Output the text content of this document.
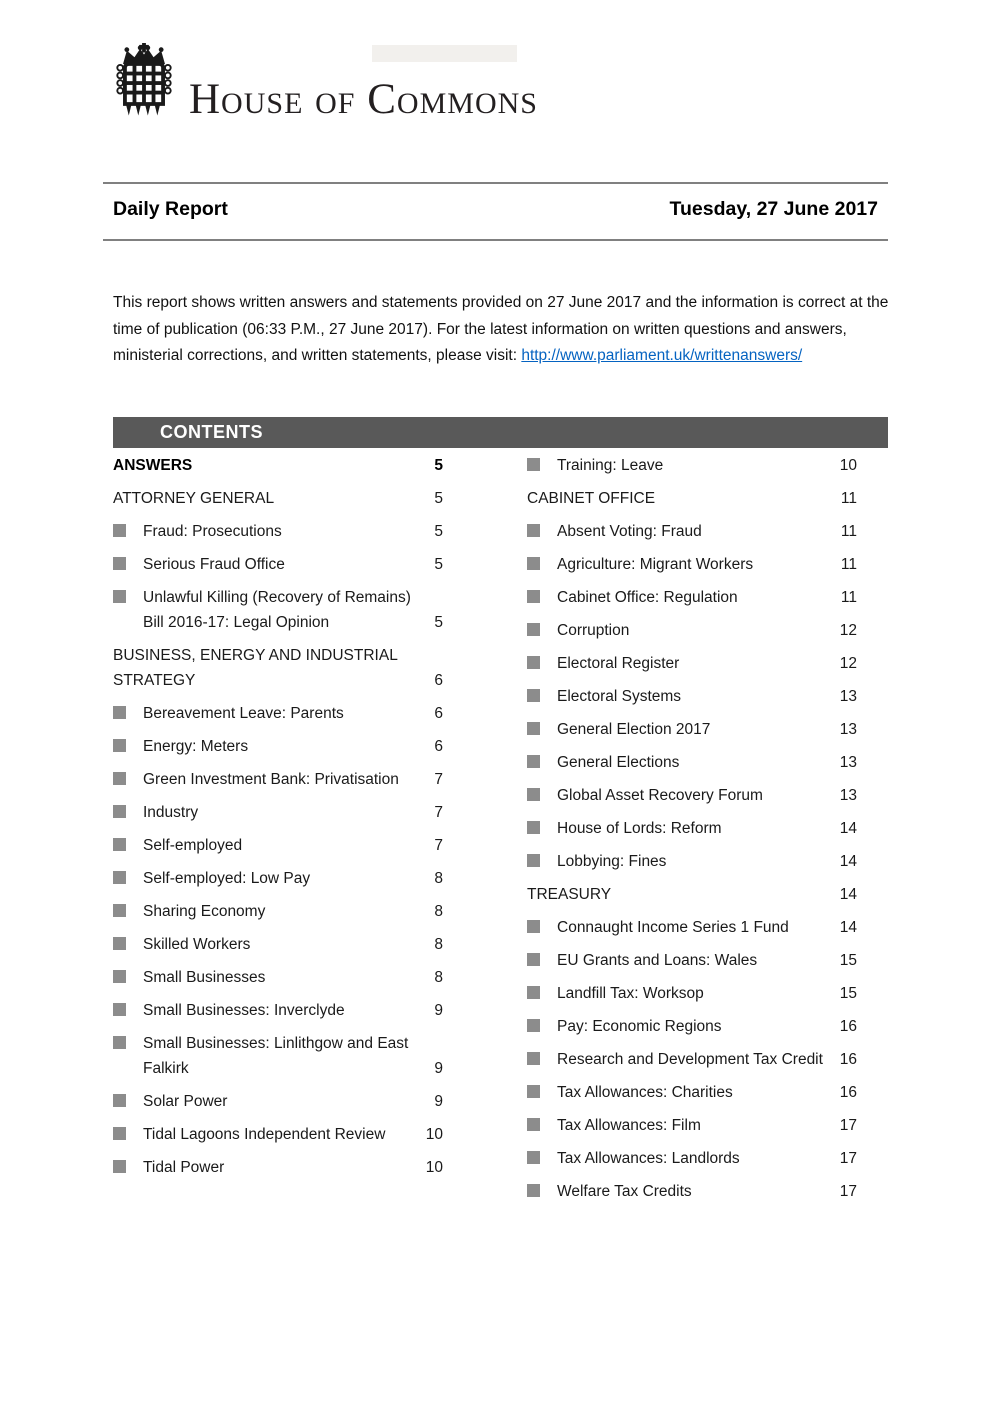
House of Commons
Daily Report	Tuesday, 27 June 2017
This report shows written answers and statements provided on 27 June 2017 and the information is correct at the time of publication (06:33 P.M., 27 June 2017). For the latest information on written questions and answers, ministerial corrections, and written statements, please visit: http://www.parliament.uk/writtenanswers/
CONTENTS
ANSWERS	5
ATTORNEY GENERAL	5
Fraud: Prosecutions	5
Serious Fraud Office	5
Unlawful Killing (Recovery of Remains) Bill 2016-17: Legal Opinion	5
BUSINESS, ENERGY AND INDUSTRIAL STRATEGY	6
Bereavement Leave: Parents	6
Energy: Meters	6
Green Investment Bank: Privatisation	7
Industry	7
Self-employed	7
Self-employed: Low Pay	8
Sharing Economy	8
Skilled Workers	8
Small Businesses	8
Small Businesses: Inverclyde	9
Small Businesses: Linlithgow and East Falkirk	9
Solar Power	9
Tidal Lagoons Independent Review	10
Tidal Power	10
Training: Leave	10
CABINET OFFICE	11
Absent Voting: Fraud	11
Agriculture: Migrant Workers	11
Cabinet Office: Regulation	11
Corruption	12
Electoral Register	12
Electoral Systems	13
General Election 2017	13
General Elections	13
Global Asset Recovery Forum	13
House of Lords: Reform	14
Lobbying: Fines	14
TREASURY	14
Connaught Income Series 1 Fund	14
EU Grants and Loans: Wales	15
Landfill Tax: Worksop	15
Pay: Economic Regions	16
Research and Development Tax Credit	16
Tax Allowances: Charities	16
Tax Allowances: Film	17
Tax Allowances: Landlords	17
Welfare Tax Credits	17
